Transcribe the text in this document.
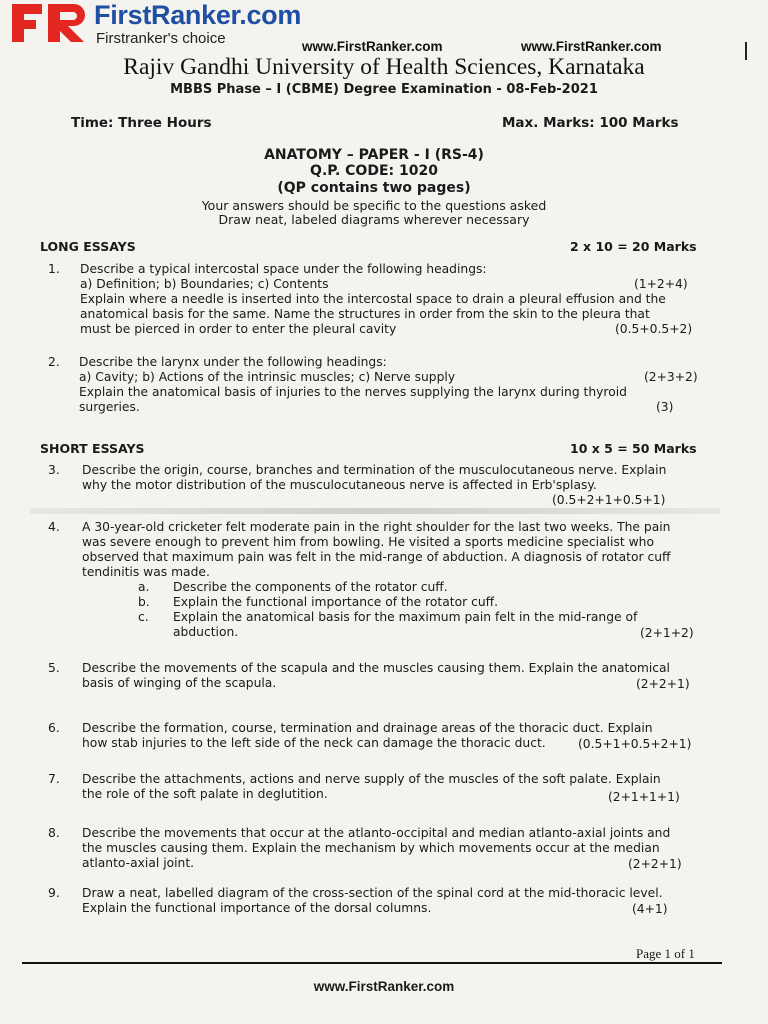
FirstRanker.com
Firstranker's choice	www.FirstRanker.com	www.FirstRanker.com
Rajiv Gandhi University of Health Sciences, Karnataka
MBBS Phase – I (CBME) Degree Examination - 08-Feb-2021
Time: Three Hours	Max. Marks: 100 Marks
ANATOMY – PAPER - I (RS-4)
Q.P. CODE: 1020
(QP contains two pages)
Your answers should be specific to the questions asked
Draw neat, labeled diagrams wherever necessary
LONG ESSAYS	2 x 10 = 20 Marks
1. Describe a typical intercostal space under the following headings:
a) Definition; b) Boundaries; c) Contents
Explain where a needle is inserted into the intercostal space to drain a pleural effusion and the
anatomical basis for the same. Name the structures in order from the skin to the pleura that
must be pierced in order to enter the pleural cavity
(1+2+4)
(0.5+0.5+2)
2. Describe the larynx under the following headings:
a) Cavity; b) Actions of the intrinsic muscles; c) Nerve supply
Explain the anatomical basis of injuries to the nerves supplying the larynx during thyroid
surgeries.
(2+3+2)
(3)
SHORT ESSAYS	10 x 5 = 50 Marks
3. Describe the origin, course, branches and termination of the musculocutaneous nerve. Explain
why the motor distribution of the musculocutaneous nerve is affected in Erb'splasy.
(0.5+2+1+0.5+1)
4. A 30-year-old cricketer felt moderate pain in the right shoulder for the last two weeks. The pain
was severe enough to prevent him from bowling. He visited a sports medicine specialist who
observed that maximum pain was felt in the mid-range of abduction. A diagnosis of rotator cuff
tendinitis was made.
a. Describe the components of the rotator cuff.
b. Explain the functional importance of the rotator cuff.
c. Explain the anatomical basis for the maximum pain felt in the mid-range of
abduction.	(2+1+2)
5. Describe the movements of the scapula and the muscles causing them. Explain the anatomical
basis of winging of the scapula.	(2+2+1)
6. Describe the formation, course, termination and drainage areas of the thoracic duct. Explain
how stab injuries to the left side of the neck can damage the thoracic duct.	(0.5+1+0.5+2+1)
7. Describe the attachments, actions and nerve supply of the muscles of the soft palate. Explain
the role of the soft palate in deglutition.	(2+1+1+1)
8. Describe the movements that occur at the atlanto-occipital and median atlanto-axial joints and
the muscles causing them. Explain the mechanism by which movements occur at the median
atlanto-axial joint.	(2+2+1)
9. Draw a neat, labelled diagram of the cross-section of the spinal cord at the mid-thoracic level.
Explain the functional importance of the dorsal columns.	(4+1)
Page 1 of 1
www.FirstRanker.com
